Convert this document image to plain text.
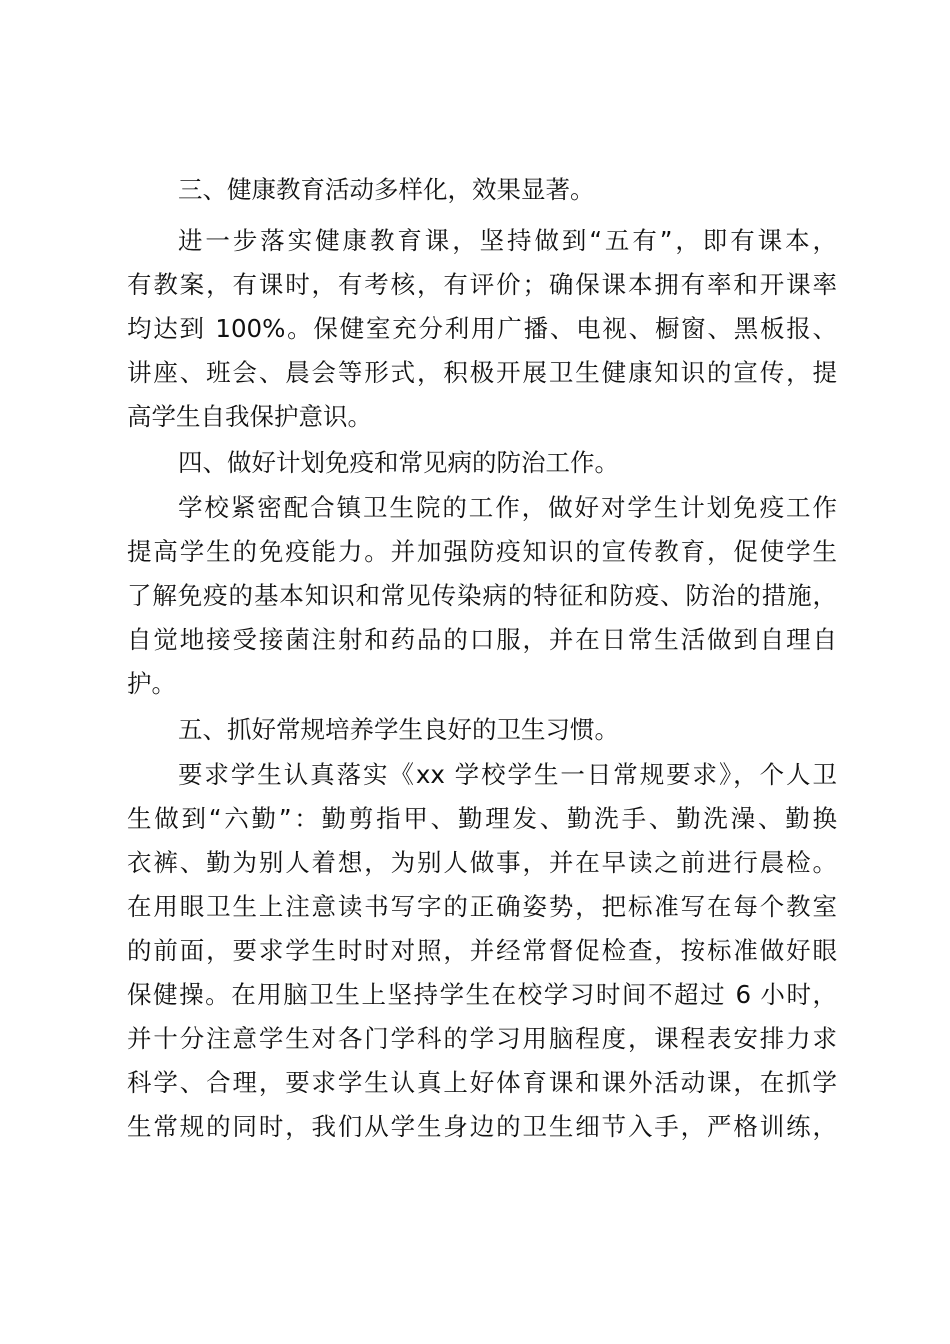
三、健康教育活动多样化，效果显著。
进一步落实健康教育课，坚持做到“五有”，即有课本，
有教案，有课时，有考核，有评价；确保课本拥有率和开课率
均达到 100%。保健室充分利用广播、电视、橱窗、黑板报、
讲座、班会、晨会等形式，积极开展卫生健康知识的宣传，提
高学生自我保护意识。
四、做好计划免疫和常见病的防治工作。
学校紧密配合镇卫生院的工作，做好对学生计划免疫工作
提高学生的免疫能力。并加强防疫知识的宣传教育，促使学生
了解免疫的基本知识和常见传染病的特征和防疫、防治的措施，
自觉地接受接菌注射和药品的口服，并在日常生活做到自理自
护。
五、抓好常规培养学生良好的卫生习惯。
要求学生认真落实《xx 学校学生一日常规要求》，个人卫
生做到“六勤”：勤剪指甲、勤理发、勤洗手、勤洗澡、勤换
衣裤、勤为别人着想，为别人做事，并在早读之前进行晨检。
在用眼卫生上注意读书写字的正确姿势，把标准写在每个教室
的前面，要求学生时时对照，并经常督促检查，按标准做好眼
保健操。在用脑卫生上坚持学生在校学习时间不超过 6 小时，
并十分注意学生对各门学科的学习用脑程度，课程表安排力求
科学、合理，要求学生认真上好体育课和课外活动课，在抓学
生常规的同时，我们从学生身边的卫生细节入手，严格训练，
